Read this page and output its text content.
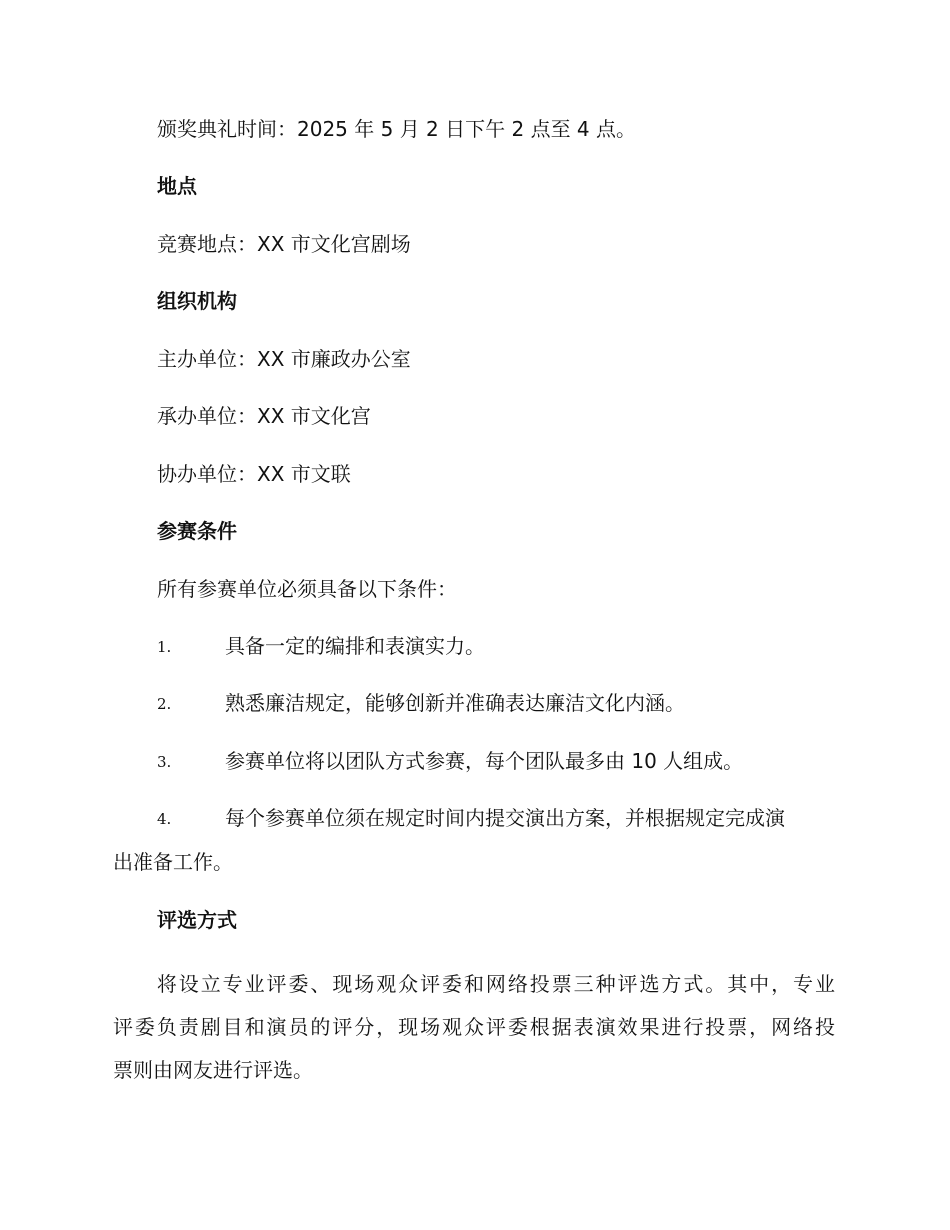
颁奖典礼时间：2025 年 5 月 2 日下午 2 点至 4 点。
地点
竞赛地点：XX 市文化宫剧场
组织机构
主办单位：XX 市廉政办公室
承办单位：XX 市文化宫
协办单位：XX 市文联
参赛条件
所有参赛单位必须具备以下条件：
1.	具备一定的编排和表演实力。
2.	熟悉廉洁规定，能够创新并准确表达廉洁文化内涵。
3.	参赛单位将以团队方式参赛，每个团队最多由 10 人组成。
4.	每个参赛单位须在规定时间内提交演出方案，并根据规定完成演
出准备工作。
评选方式
　　将设立专业评委、现场观众评委和网络投票三种评选方式。其中，专业
评委负责剧目和演员的评分，现场观众评委根据表演效果进行投票，网络投
票则由网友进行评选。
